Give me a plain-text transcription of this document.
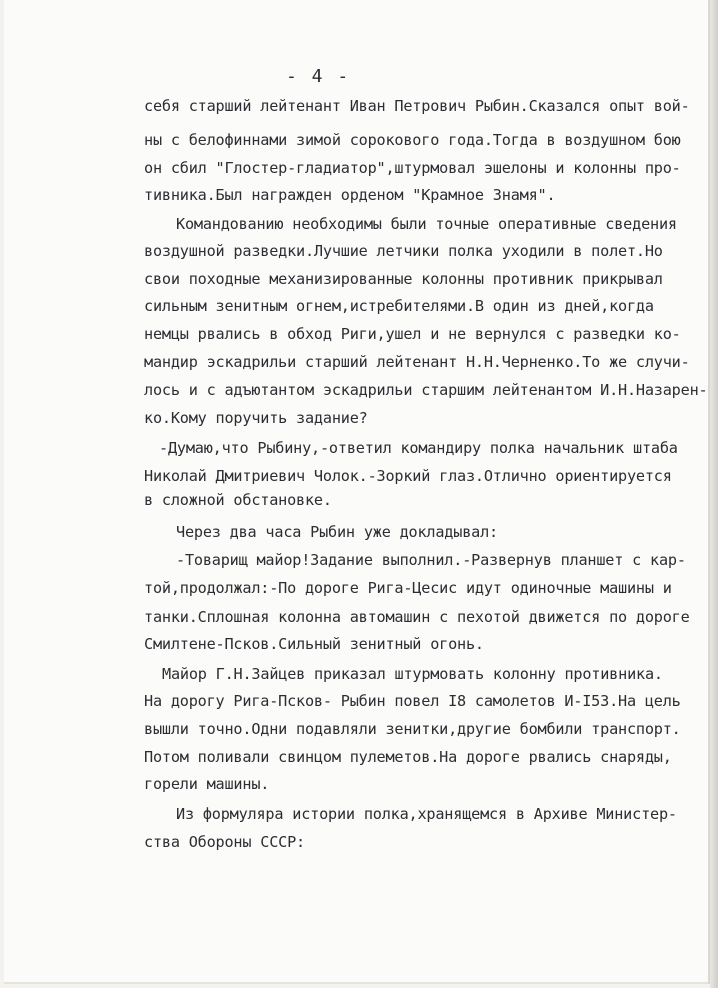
- 4 -
себя старший лейтенант Иван Петрович Рыбин.Сказался опыт вой-
ны с белофиннами зимой сорокового года.Тогда в воздушном бою
он сбил "Глостер-гладиатор",штурмовал эшелоны и колонны про-
тивника.Был награжден орденом "Крамное Знамя".
Командованию необходимы были точные оперативные сведения
воздушной разведки.Лучшие летчики полка уходили в полет.Но
свои походные механизированные колонны противник прикрывал
сильным зенитным огнем,истребителями.В один из дней,когда
немцы рвались в обход Риги,ушел и не вернулся с разведки ко-
мандир эскадрильи старший лейтенант Н.Н.Черненко.То же случи-
лось и с адъютантом эскадрильи старшим лейтенантом И.Н.Назарен-
ко.Кому поручить задание?
-Думаю,что Рыбину,-ответил командиру полка начальник штаба
Николай Дмитриевич Чолок.-Зоркий глаз.Отлично ориентируется
в сложной обстановке.
Через два часа Рыбин уже докладывал:
-Товарищ майор!Задание выполнил.-Развернув планшет с кар-
той,продолжал:-По дороге Рига-Цесис идут одиночные машины и
танки.Сплошная колонна автомашин с пехотой движется по дороге
Смилтене-Псков.Сильный зенитный огонь.
Майор Г.Н.Зайцев приказал штурмовать колонну противника.
На дорогу Рига-Псков- Рыбин повел I8 самолетов И-I53.На цель
вышли точно.Одни подавляли зенитки,другие бомбили транспорт.
Потом поливали свинцом пулеметов.На дороге рвались снаряды,
горели машины.
Из формуляра истории полка,хранящемся в Архиве Министер-
ства Обороны СССР:
